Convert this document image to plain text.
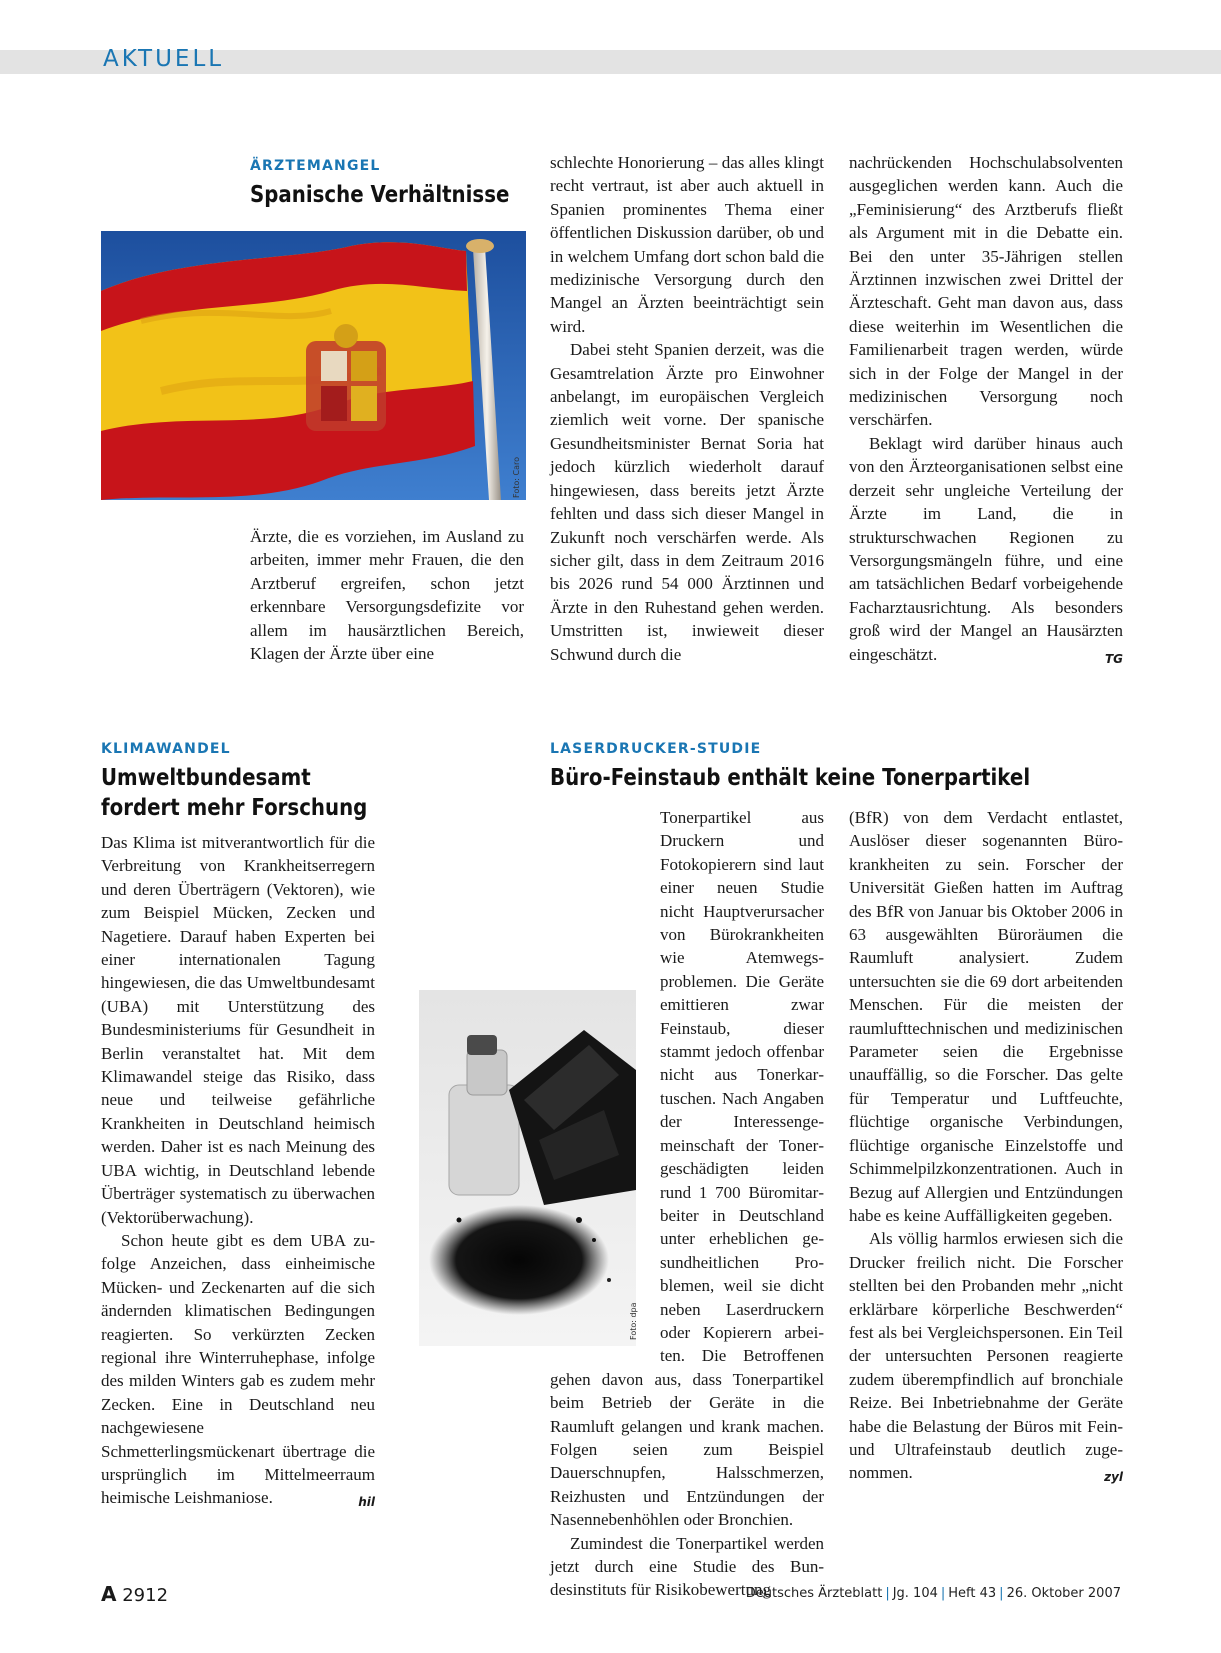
AKTUELL
ÄRZTEMANGEL
Spanische Verhältnisse
Foto: Caro

Ärzte, die es vorziehen, im Ausland zu arbeiten, immer mehr Frauen, die den Arztberuf ergreifen, schon jetzt erkennbare Versorgungsdefizite vor allem im hausärztlichen Bereich, Klagen der Ärzte über eine

schlechte Honorierung – das alles klingt recht vertraut, ist aber auch aktuell in Spanien prominentes Thema einer öffentlichen Diskussion darüber, ob und in welchem Umfang dort schon bald die medizinische Versorgung durch den Mangel an Ärzten beeinträchtigt sein wird.

Dabei steht Spanien derzeit, was die Gesamtrelation Ärzte pro Einwohner anbelangt, im europäischen Vergleich ziemlich weit vorne. Der spanische Gesundheitsminister Bernat Soria hat jedoch kürzlich wiederholt darauf hingewiesen, dass bereits jetzt Ärzte fehlten und dass sich dieser Mangel in Zukunft noch verschärfen werde. Als sicher gilt, dass in dem Zeitraum 2016 bis 2026 rund 54 000 Ärztinnen und Ärzte in den Ruhestand gehen werden. Umstritten ist, inwieweit dieser Schwund durch die

nachrückenden Hochschulabsolventen ausgeglichen werden kann. Auch die „Feminisierung“ des Arztberufs fließt als Argument mit in die Debatte ein. Bei den unter 35-Jährigen stellen Ärztinnen inzwischen zwei Drittel der Ärzteschaft. Geht man davon aus, dass diese weiterhin im Wesentlichen die Familienarbeit tragen werden, würde sich in der Folge der Mangel in der medizinischen Versorgung noch verschärfen.

Beklagt wird darüber hinaus auch von den Ärzteorganisationen selbst eine derzeit sehr ungleiche Verteilung der Ärzte im Land, die in strukturschwachen Regionen zu Versorgungsmängeln führe, und eine am tatsächlichen Bedarf vorbeigehende Facharztausrichtung. Als besonders groß wird der Mangel an Hausärzten eingeschätzt.	TG

KLIMAWANDEL
Umweltbundesamt
fordert mehr Forschung

Das Klima ist mitverantwortlich für die Verbreitung von Krankheitserregern und deren Überträgern (Vektoren), wie zum Beispiel Mücken, Zecken und Nagetiere. Darauf haben Experten bei einer internationalen Tagung hingewiesen, die das Umweltbundesamt (UBA) mit Unterstützung des Bundesministeriums für Gesundheit in Berlin veranstaltet hat. Mit dem Klimawandel steige das Risiko, dass neue und teilweise gefährliche Krankheiten in Deutschland heimisch werden. Daher ist es nach Meinung des UBA wichtig, in Deutschland lebende Überträger systematisch zu überwachen (Vektorüberwachung).

Schon heute gibt es dem UBA zufolge Anzeichen, dass einheimische Mücken- und Zeckenarten auf die sich ändernden klimatischen Bedingungen reagierten. So verkürzten Zecken regional ihre Winterruhephase, infolge des milden Winters gab es zudem mehr Zecken. Eine in Deutschland neu nachgewiesene Schmetterlingsmückenart übertrage die ursprünglich im Mittelmeerraum heimische Leishmaniose.	hil

LASERDRUCKER-STUDIE
Büro-Feinstaub enthält keine Tonerpartikel
Foto: dpa

Tonerpartikel aus Druckern und Fotokopierern sind laut einer neuen Studie nicht Hauptverursacher von Bürokrankheiten wie Atemwegsproblemen. Die Geräte emittieren zwar Feinstaub, dieser stammt jedoch offenbar nicht aus Tonerkartuschen. Nach Angaben der Interessengemeinschaft der Tonergeschädigten leiden rund 1 700 Büromitarbeiter in Deutschland unter erheblichen gesundheitlichen Problemen, weil sie dicht neben Laserdruckern oder Kopierern arbeiten. Die Betroffenen gehen davon aus, dass Tonerpartikel beim Betrieb der Geräte in die Raumluft gelangen und krank machen. Folgen seien zum Beispiel Dauerschnupfen, Halsschmerzen, Reizhusten und Entzündungen der Nasennebenhöhlen oder Bronchien.

Zumindest die Tonerpartikel werden jetzt durch eine Studie des Bundesinstituts für Risikobewertung

(BfR) von dem Verdacht entlastet, Auslöser dieser sogenannten Bürokrankheiten zu sein. Forscher der Universität Gießen hatten im Auftrag des BfR von Januar bis Oktober 2006 in 63 ausgewählten Büroräumen die Raumluft analysiert. Zudem untersuchten sie die 69 dort arbeitenden Menschen. Für die meisten der raumlufttechnischen und medizinischen Parameter seien die Ergebnisse unauffällig, so die Forscher. Das gelte für Temperatur und Luftfeuchte, flüchtige organische Verbindungen, flüchtige organische Einzelstoffe und Schimmelpilzkonzentrationen. Auch in Bezug auf Allergien und Entzündungen habe es keine Auffälligkeiten gegeben.

Als völlig harmlos erwiesen sich die Drucker freilich nicht. Die Forscher stellten bei den Probanden mehr „nicht erklärbare körperliche Beschwerden“ fest als bei Vergleichspersonen. Ein Teil der untersuchten Personen reagierte zudem überempfindlich auf bronchiale Reize. Bei Inbetriebnahme der Geräte habe die Belastung der Büros mit Fein- und Ultrafeinstaub deutlich zugenommen.	zyl

A 2912	Deutsches Ärzteblatt | Jg. 104 | Heft 43 | 26. Oktober 2007
